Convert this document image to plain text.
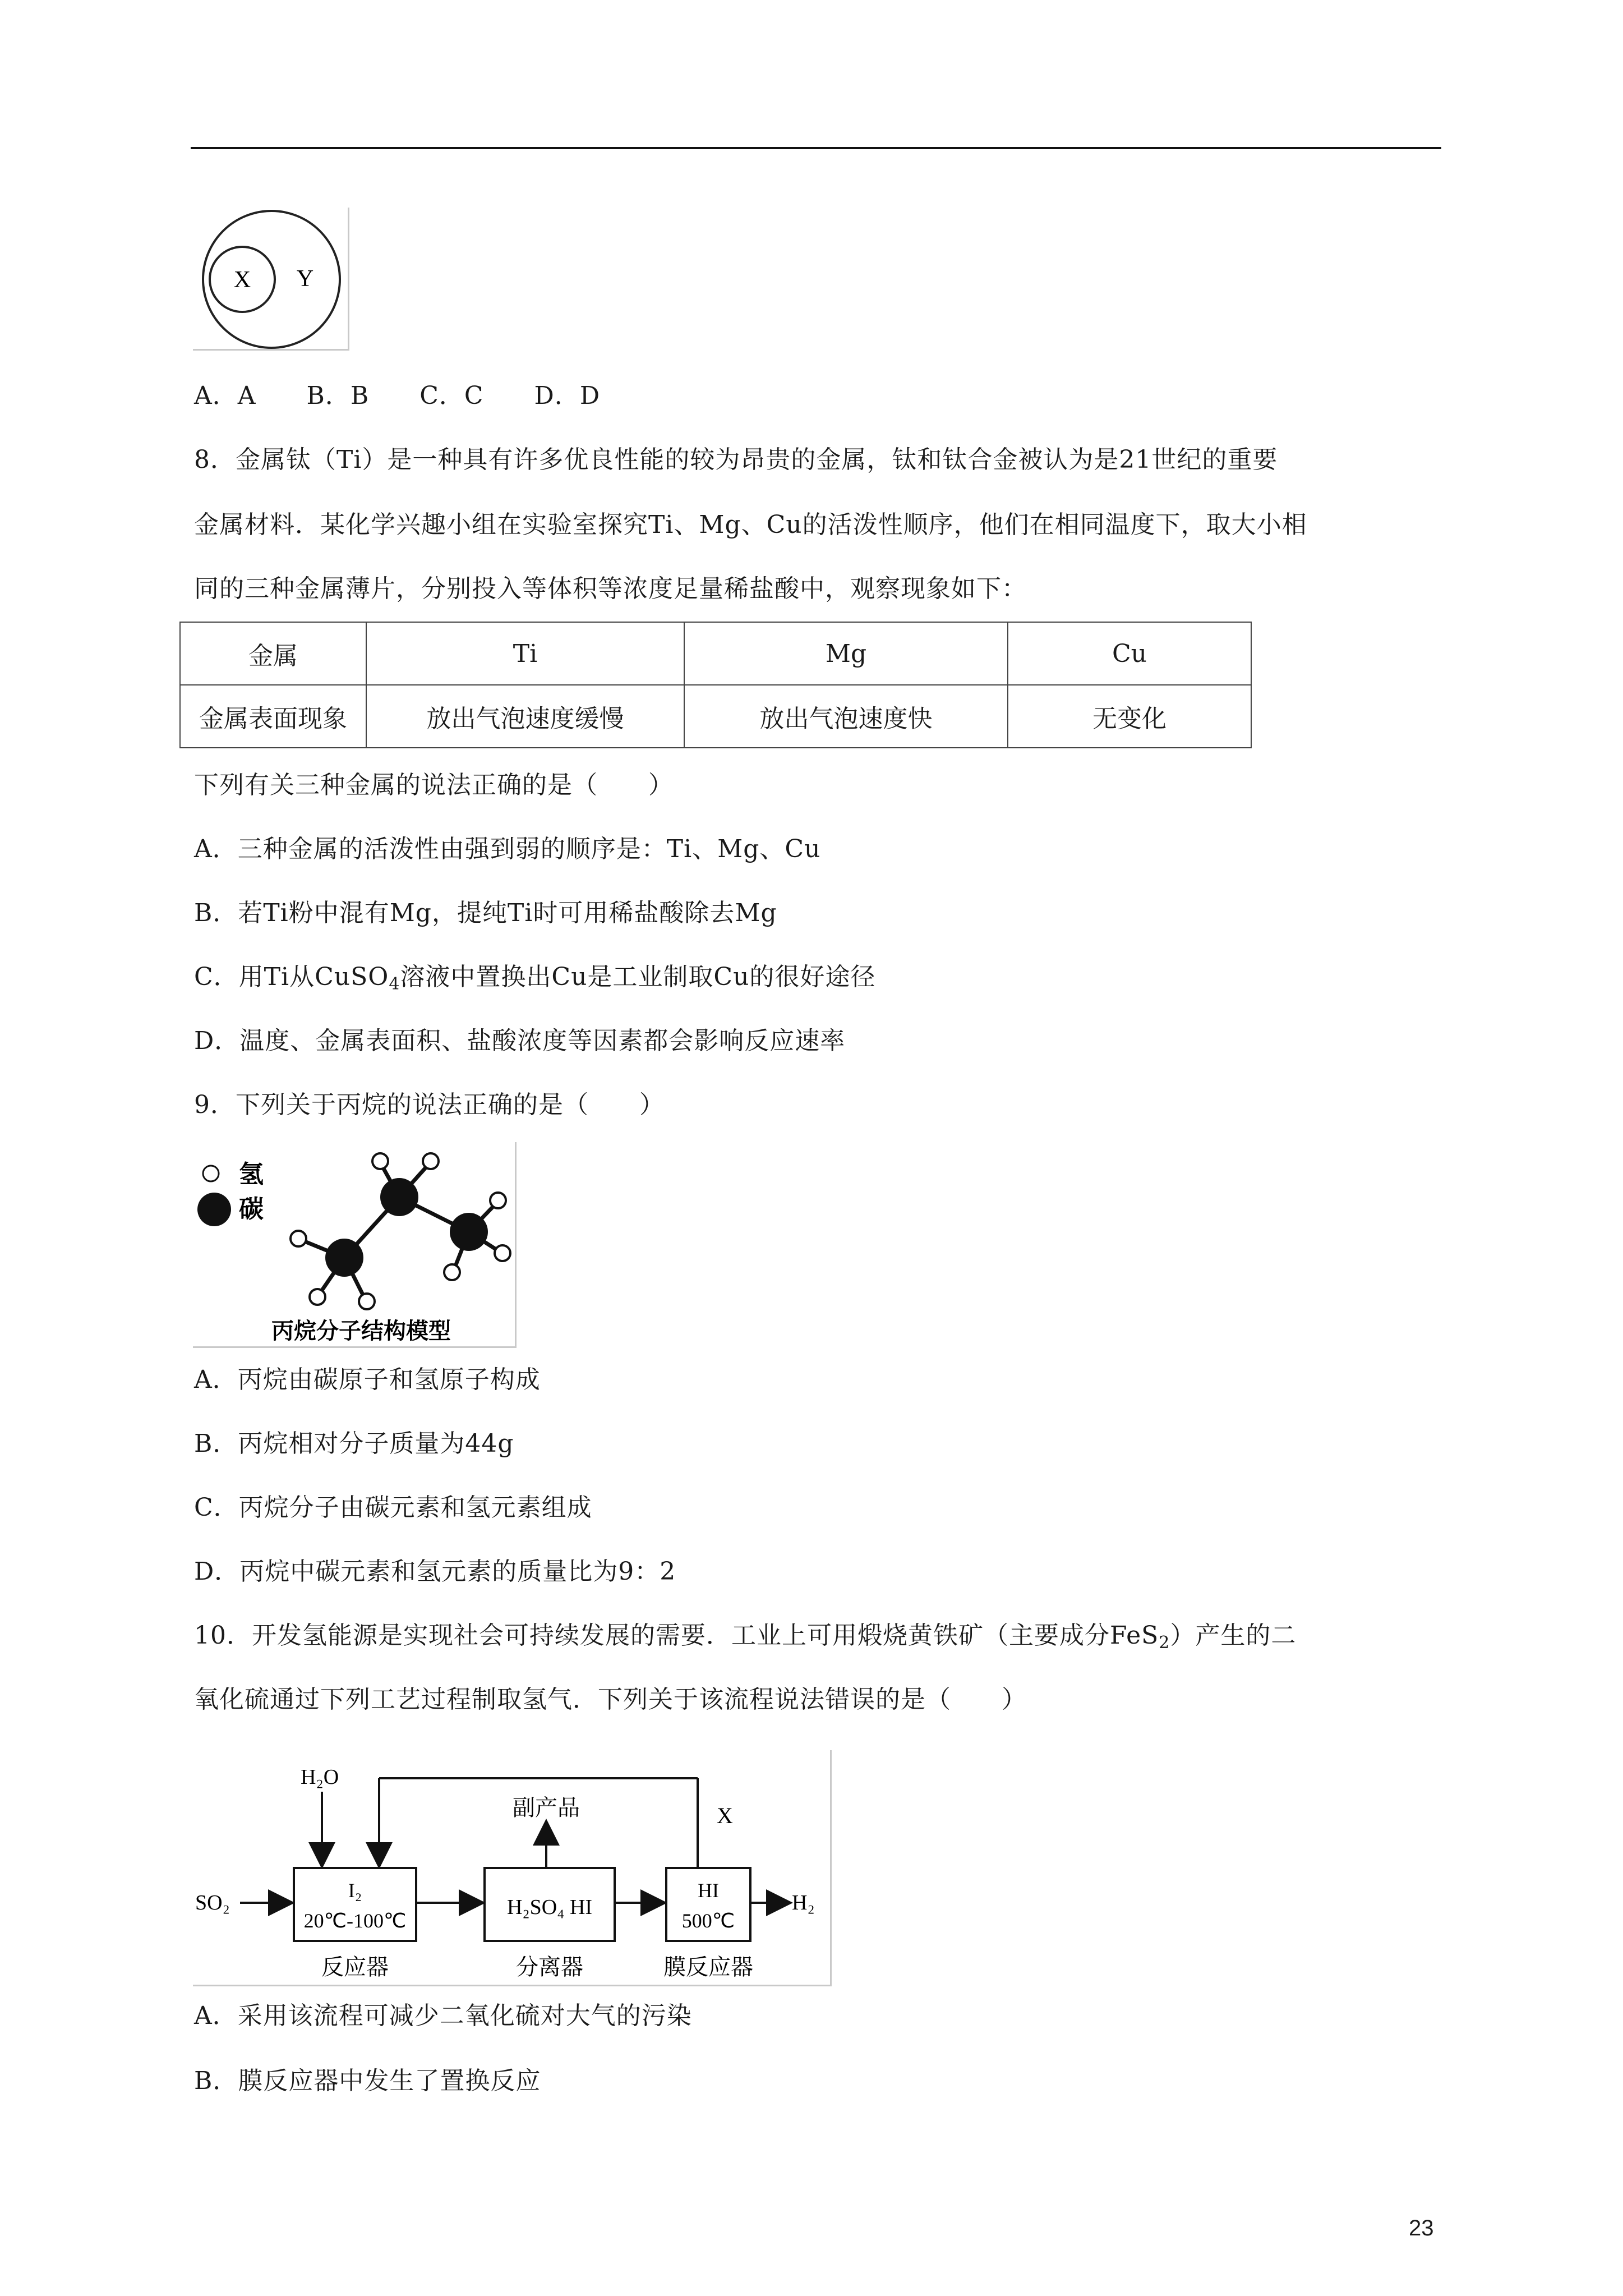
X Y
A．A　　B．B　　C．C　　D．D
8．金属钛（Ti）是一种具有许多优良性能的较为昂贵的金属，钛和钛合金被认为是21世纪的重要
金属材料．某化学兴趣小组在实验室探究Ti、Mg、Cu的活泼性顺序，他们在相同温度下，取大小相
同的三种金属薄片，分别投入等体积等浓度足量稀盐酸中，观察现象如下：
金属	Ti	Mg	Cu
金属表面现象	放出气泡速度缓慢	放出气泡速度快	无变化
下列有关三种金属的说法正确的是（　　）
A．三种金属的活泼性由强到弱的顺序是：Ti、Mg、Cu
B．若Ti粉中混有Mg，提纯Ti时可用稀盐酸除去Mg
C．用Ti从CuSO$_4$溶液中置换出Cu是工业制取Cu的很好途径
D．温度、金属表面积、盐酸浓度等因素都会影响反应速率
9．下列关于丙烷的说法正确的是（　　）
氢
碳
丙烷分子结构模型
A．丙烷由碳原子和氢原子构成
B．丙烷相对分子质量为44g
C．丙烷分子由碳元素和氢元素组成
D．丙烷中碳元素和氢元素的质量比为9：2
10．开发氢能源是实现社会可持续发展的需要．工业上可用煅烧黄铁矿（主要成分FeS$_2$）产生的二
氧化硫通过下列工艺过程制取氢气．下列关于该流程说法错误的是（　　）
H₂O
SO₂
I₂
20℃-100℃
H₂SO₄ HI
HI
500℃
H₂
副产品	X
反应器	分离器	膜反应器
A．采用该流程可减少二氧化硫对大气的污染
B．膜反应器中发生了置换反应
23
